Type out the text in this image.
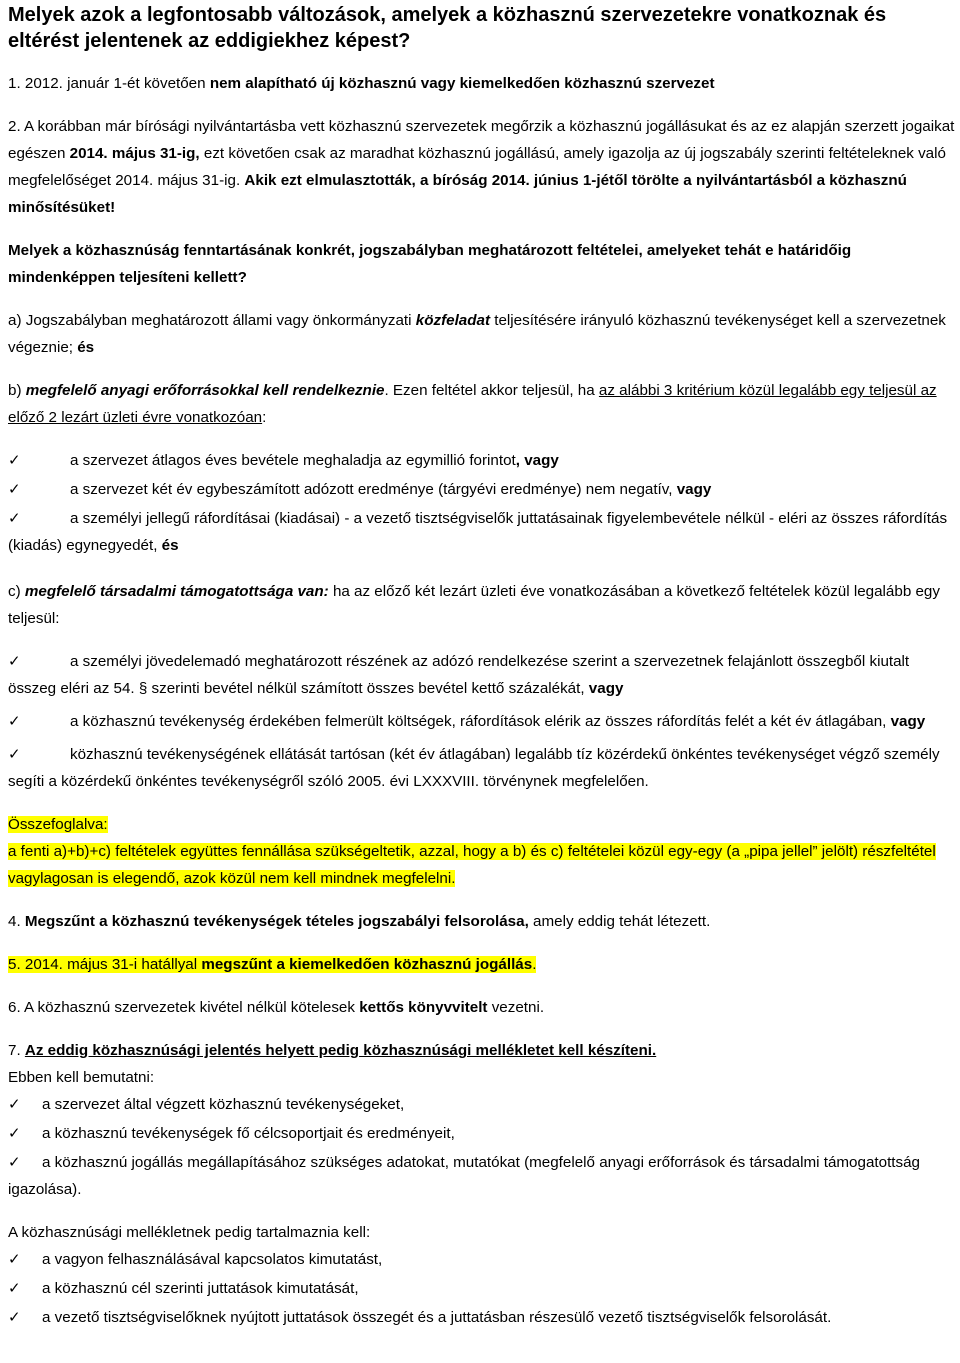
Melyek azok a legfontosabb változások, amelyek a közhasznú szervezetekre vonatkoznak és eltérést jelentenek az eddigiekhez képest?

1. 2012. január 1-ét követően nem alapítható új közhasznú vagy kiemelkedően közhasznú szervezet

2. A korábban már bírósági nyilvántartásba vett közhasznú szervezetek megőrzik a közhasznú jogállásukat és az ez alapján szerzett jogaikat egészen 2014. május 31-ig, ezt követően csak az maradhat közhasznú jogállású, amely igazolja az új jogszabály szerinti feltételeknek való megfelelőséget 2014. május 31-ig. Akik ezt elmulasztották, a bíróság 2014. június 1-jétől törölte a nyilvántartásból a közhasznú minősítésüket!

Melyek a közhasznúság fenntartásának konkrét, jogszabályban meghatározott feltételei, amelyeket tehát e határidőig mindenképpen teljesíteni kellett?

a) Jogszabályban meghatározott állami vagy önkormányzati közfeladat teljesítésére irányuló közhasznú tevékenységet kell a szervezetnek végeznie; és

b) megfelelő anyagi erőforrásokkal kell rendelkeznie. Ezen feltétel akkor teljesül, ha az alábbi 3 kritérium közül legalább egy teljesül az előző 2 lezárt üzleti évre vonatkozóan:

✓	a szervezet átlagos éves bevétele meghaladja az egymillió forintot, vagy

✓	a szervezet két év egybeszámított adózott eredménye (tárgyévi eredménye) nem negatív, vagy

✓	a személyi jellegű ráfordításai (kiadásai) - a vezető tisztségviselők juttatásainak figyelembevétele nélkül - eléri az összes ráfordítás (kiadás) egynegyedét, és

c) megfelelő társadalmi támogatottsága van: ha az előző két lezárt üzleti éve vonatkozásában a következő feltételek közül legalább egy teljesül:

✓	a személyi jövedelemadó meghatározott részének az adózó rendelkezése szerint a szervezetnek felajánlott összegből kiutalt összeg eléri az 54. § szerinti bevétel nélkül számított összes bevétel kettő százalékát, vagy

✓	a közhasznú tevékenység érdekében felmerült költségek, ráfordítások elérik az összes ráfordítás felét a két év átlagában, vagy

✓	közhasznú tevékenységének ellátását tartósan (két év átlagában) legalább tíz közérdekű önkéntes tevékenységet végző személy segíti a közérdekű önkéntes tevékenységről szóló 2005. évi LXXXVIII. törvénynek megfelelően.

Összefoglalva:

a fenti a)+b)+c) feltételek együttes fennállása szükségeltetik, azzal, hogy a b) és c) feltételei közül egy-egy (a „pipa jellel” jelölt) részfeltétel vagylagosan is elegendő, azok közül nem kell mindnek megfelelni.

4. Megszűnt a közhasznú tevékenységek tételes jogszabályi felsorolása, amely eddig tehát létezett.

5. 2014. május 31-i hatállyal megszűnt a kiemelkedően közhasznú jogállás.

6. A közhasznú szervezetek kivétel nélkül kötelesek kettős könyvvitelt vezetni.

7. Az eddig közhasznúsági jelentés helyett pedig közhasznúsági mellékletet kell készíteni.

Ebben kell bemutatni:

✓ a szervezet által végzett közhasznú tevékenységeket,

✓ a közhasznú tevékenységek fő célcsoportjait és eredményeit,

✓ a közhasznú jogállás megállapításához szükséges adatokat, mutatókat (megfelelő anyagi erőforrások és társadalmi támogatottság igazolása).

A közhasznúsági mellékletnek pedig tartalmaznia kell:

✓ a vagyon felhasználásával kapcsolatos kimutatást,

✓ a közhasznú cél szerinti juttatások kimutatását,

✓ a vezető tisztségviselőknek nyújtott juttatások összegét és a juttatásban részesülő vezető tisztségviselők felsorolását.
